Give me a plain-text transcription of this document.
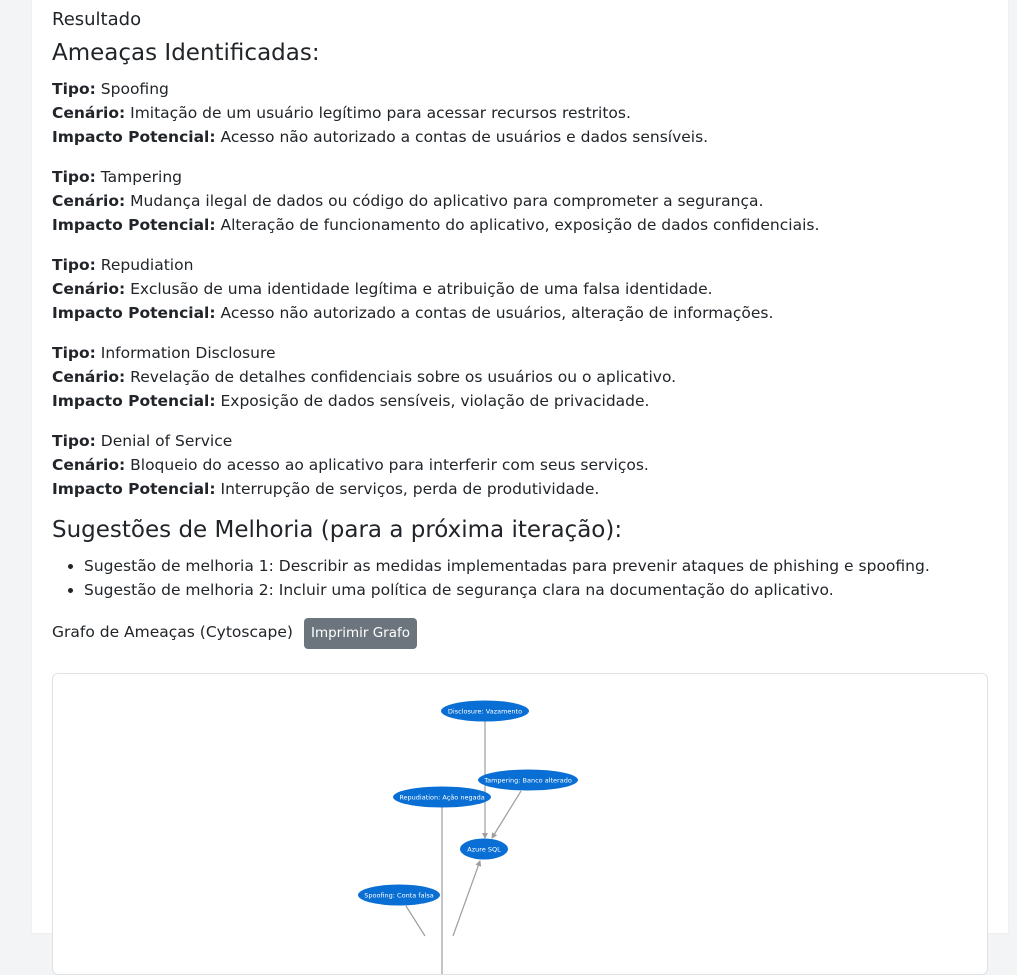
Resultado
Ameaças Identificadas:
Tipo: Spoofing
Cenário: Imitação de um usuário legítimo para acessar recursos restritos.
Impacto Potencial: Acesso não autorizado a contas de usuários e dados sensíveis.
Tipo: Tampering
Cenário: Mudança ilegal de dados ou código do aplicativo para comprometer a segurança.
Impacto Potencial: Alteração de funcionamento do aplicativo, exposição de dados confidenciais.
Tipo: Repudiation
Cenário: Exclusão de uma identidade legítima e atribuição de uma falsa identidade.
Impacto Potencial: Acesso não autorizado a contas de usuários, alteração de informações.
Tipo: Information Disclosure
Cenário: Revelação de detalhes confidenciais sobre os usuários ou o aplicativo.
Impacto Potencial: Exposição de dados sensíveis, violação de privacidade.
Tipo: Denial of Service
Cenário: Bloqueio do acesso ao aplicativo para interferir com seus serviços.
Impacto Potencial: Interrupção de serviços, perda de produtividade.
Sugestões de Melhoria (para a próxima iteração):
• Sugestão de melhoria 1: Describir as medidas implementadas para prevenir ataques de phishing e spoofing.
• Sugestão de melhoria 2: Incluir uma política de segurança clara na documentação do aplicativo.
Grafo de Ameaças (Cytoscape)	Imprimir Grafo
Disclosure: Vazamento
Tampering: Banco alterado
Repudiation: Ação negada
Azure SQL
Spoofing: Conta falsa
